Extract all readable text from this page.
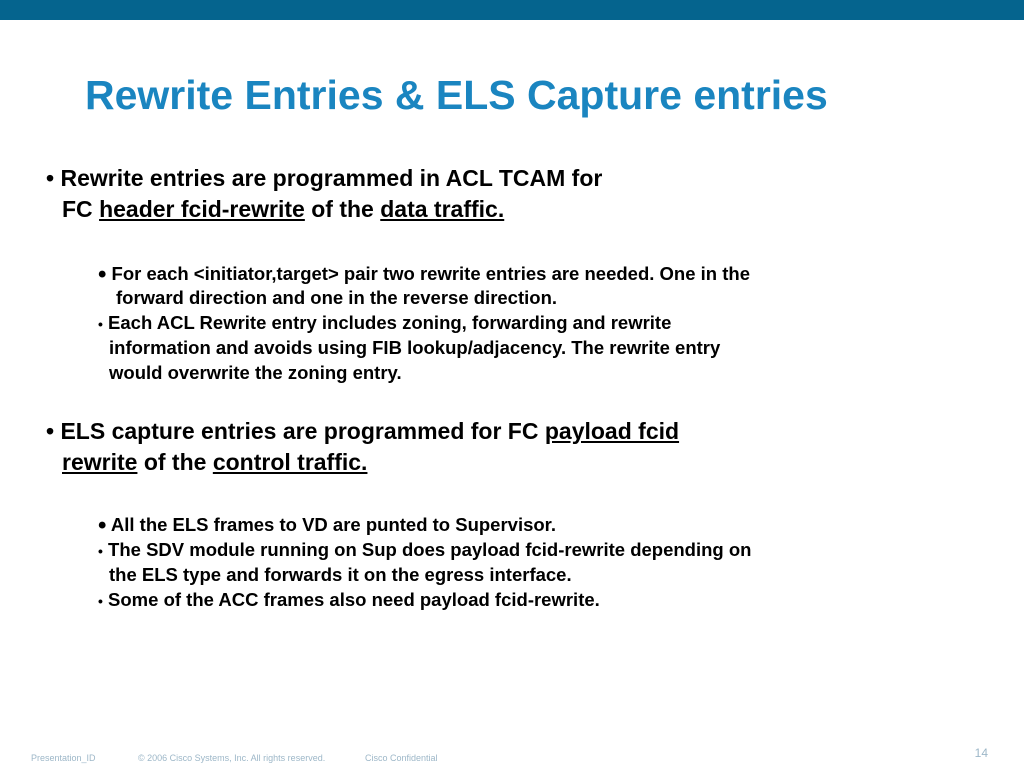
Rewrite Entries & ELS Capture entries

• Rewrite entries are programmed in ACL TCAM for

FC header fcid-rewrite of the data traffic.

• For each <initiator,target> pair two rewrite entries are needed. One in the

forward direction and one in the reverse direction.

• Each ACL Rewrite entry includes zoning, forwarding and rewrite

information and avoids using FIB lookup/adjacency. The rewrite entry

would overwrite the zoning entry.

• ELS capture entries are programmed for FC payload fcid

rewrite of the control traffic.

• All the ELS frames to VD are punted to Supervisor.

• The SDV module running on Sup does payload fcid-rewrite depending on

the ELS type and forwards it on the egress interface.

• Some of the ACC frames also need payload fcid-rewrite.

Presentation_ID	© 2006 Cisco Systems, Inc. All rights reserved.	Cisco Confidential	14
